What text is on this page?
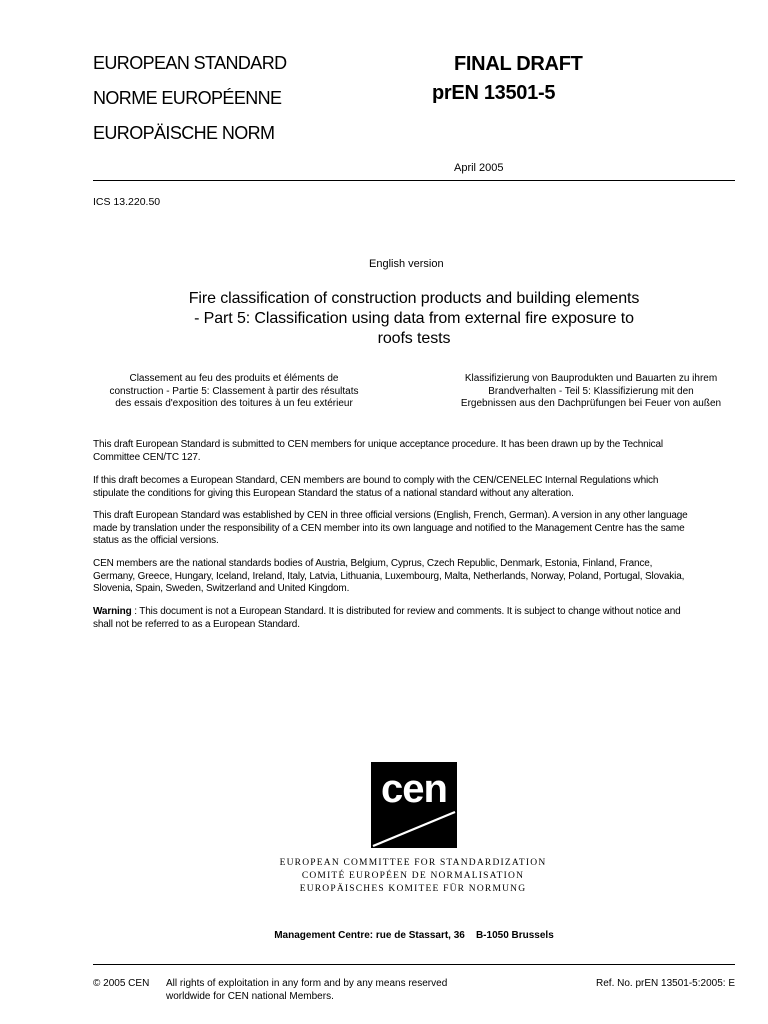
EUROPEAN STANDARD
NORME EUROPÉENNE
EUROPÄISCHE NORM
FINAL DRAFT
prEN 13501-5
April 2005
ICS 13.220.50
English version
Fire classification of construction products and building elements
- Part 5: Classification using data from external fire exposure to
roofs tests
Classement au feu des produits et éléments de
construction - Partie 5: Classement à partir des résultats
des essais d'exposition des toitures à un feu extérieur
Klassifizierung von Bauprodukten und Bauarten zu ihrem
Brandverhalten - Teil 5: Klassifizierung mit den
Ergebnissen aus den Dachprüfungen bei Feuer von außen
This draft European Standard is submitted to CEN members for unique acceptance procedure. It has been drawn up by the Technical
Committee CEN/TC 127.
If this draft becomes a European Standard, CEN members are bound to comply with the CEN/CENELEC Internal Regulations which
stipulate the conditions for giving this European Standard the status of a national standard without any alteration.
This draft European Standard was established by CEN in three official versions (English, French, German). A version in any other language
made by translation under the responsibility of a CEN member into its own language and notified to the Management Centre has the same
status as the official versions.
CEN members are the national standards bodies of Austria, Belgium, Cyprus, Czech Republic, Denmark, Estonia, Finland, France,
Germany, Greece, Hungary, Iceland, Ireland, Italy, Latvia, Lithuania, Luxembourg, Malta, Netherlands, Norway, Poland, Portugal, Slovakia,
Slovenia, Spain, Sweden, Switzerland and United Kingdom.
Warning : This document is not a European Standard. It is distributed for review and comments. It is subject to change without notice and
shall not be referred to as a European Standard.
cen
EUROPEAN COMMITTEE FOR STANDARDIZATION
COMITÉ EUROPÉEN DE NORMALISATION
EUROPÄISCHES KOMITEE FÜR NORMUNG
Management Centre: rue de Stassart, 36    B-1050 Brussels
© 2005 CEN All rights of exploitation in any form and by any means reserved
worldwide for CEN national Members.
Ref. No. prEN 13501-5:2005: E
